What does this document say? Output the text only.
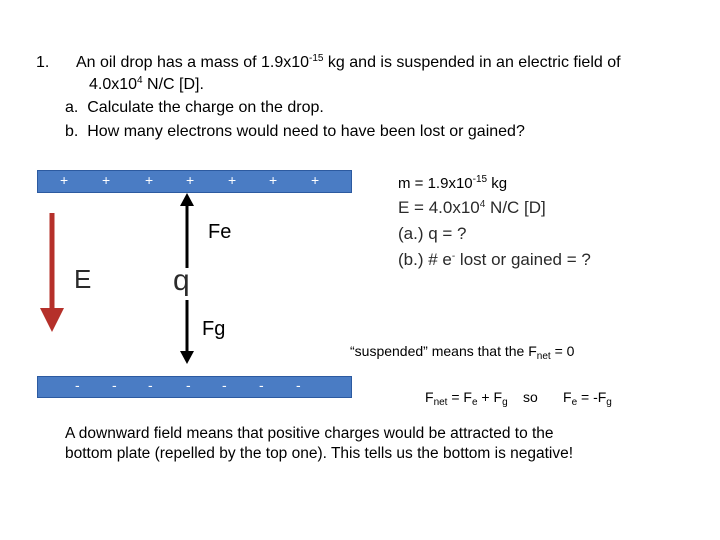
1. An oil drop has a mass of $1.9x10^{-15}$ kg and is suspended in an electric field of
$4.0x10^4$ N/C [D].
a. Calculate the charge on the drop.
b. How many electrons would need to have been lost or gained?
+ + + + + + +
- - - - - - -
E	q
Fe
Fg
$m = 1.9x10^{-15}$ kg
$E = 4.0x10^4$ N/C [D]
(a.) q = ?
(b.) # e- lost or gained = ?
“suspended” means that the $F_{net} = 0$
$F_{net} = F_e + F_g$ so $F_e = -F_g$
A downward field means that positive charges would be attracted to the
bottom plate (repelled by the top one). This tells us the bottom is negative!
